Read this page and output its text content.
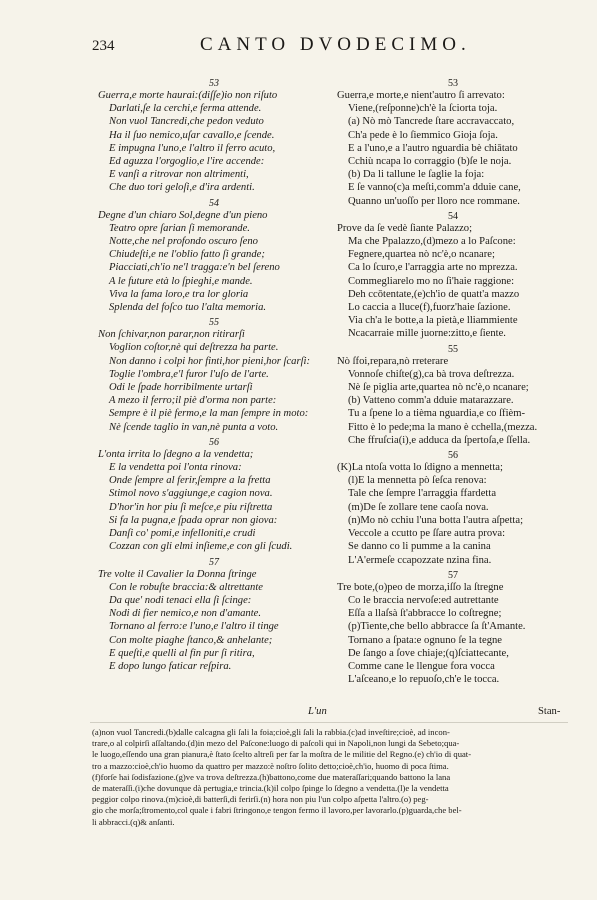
234	CANTO DVODECIMO.
53
Guerra,e morte haurai:(diſſe)io non riſuto
Darlati,ſe la cerchi,e ferma attende.
Non vuol Tancredi,che pedon veduto
Ha il ſuo nemico,uſar cavallo,e ſcende.
E impugna l'uno,e l'altro il ferro acuto,
Ed aguzza l'orgoglio,e l'ire accende:
E vanſi a ritrovar non altrimenti,
Che duo tori geloſi,e d'ira ardenti.
54
Degne d'un chiaro Sol,degne d'un pieno
Teatro opre ſarian ſi memorande.
Notte,che nel profondo oscuro ſeno
Chiudeſti,e ne l'oblio fatto ſi grande;
Piacciati,ch'io ne'l tragga:e'n bel ſereno
A le future età lo ſpieghi,e mande.
Viva la fama loro,e tra lor gloria
Splenda del foſco tuo l'alta memoria.
55
Non ſchivar,non parar,non ritirarſi
Voglion coſtor,nè qui deſtrezza ha parte.
Non danno i colpi hor finti,hor pieni,hor ſcarſi:
Toglie l'ombra,e'l furor l'uſo de l'arte.
Odi le ſpade horribilmente urtarſi
A mezo il ferro;il piè d'orma non parte:
Sempre è il piè fermo,e la man ſempre in moto:
Nè ſcende taglio in van,nè punta a voto.
56
L'onta irrita lo ſdegno a la vendetta;
E la vendetta poi l'onta rinova:
Onde ſempre al ferir,ſempre a la fretta
Stimol novo s'aggiunge,e cagion nova.
D'hor'in hor piu ſi meſce,e piu riſtretta
Si fa la pugna,e ſpada oprar non giova:
Danſi co' pomi,e infelloniti,e crudi
Cozzan con gli elmi inſieme,e con gli ſcudi.
57
Tre volte il Cavalier la Donna ſtringe
Con le robuſte braccia:& altrettante
Da que' nodi tenaci ella ſi ſcinge:
Nodi di fier nemico,e non d'amante.
Tornano al ferro:e l'uno,e l'altro il tinge
Con molte piaghe ſtanco,& anhelante;
E queſti,e quelli al fin pur ſi ritira,
E dopo lungo faticar reſpira.
53
Guerra,e morte,e nient'autro ſi arrevato:
Viene,(reſponne)ch'è la ſciorta toja.
(a) Nò mò Tancrede ſtare accravaccato,
Ch'a pede è lo ſiemmico Gioja ſoja.
E a l'uno,e a l'autro nguardia bè chiātato
Cchiù ncapa lo corraggio (b)ſe le noja.
(b) Da li tallune le ſaglie la foja:
E ſe vanno(c)a meſti,comm'a dduie cane,
Quanno un'uoſſo per lloro nce rommane.
54
Prove da ſe vedè ſiante Palazzo;
Ma che Ppalazzo,(d)mezo a lo Paſcone:
Fegnere,quartea nò nc'è,o ncanare;
Ca lo ſcuro,e l'arraggia arte no mprezza.
Commegliarelo mo no ſi'haie raggione:
Deh ccōtentate,(e)ch'io de quatt'a mazzo
Lo caccia a lluce(f),fuorz'haie ſazione.
Via ch'a le botte,a la pietà,e lliammiente
Ncacarraie mille juorne:zitto,e ſiente.
55
Nò ſfoi,repara,nò rreterare
Vonnoſe chiſte(g),ca bà trova deſtrezza.
Nè ſe piglia arte,quartea nò nc'è,o ncanare;
(b) Vatteno comm'a dduie matarazzare.
Tu a ſpene lo a tièma nguardia,e co ſfièm-
Fitto è lo pede;ma la mano è cchella,(mezza.
Che ffruſcia(i),e adduca da ſpertoſa,e ſſella.
56
(K)La ntoſa votta lo ſdigno a mennetta;
(l)E la mennetta pò ſeſca renova:
Tale che ſempre l'arraggia ffardetta
(m)De ſe zollare tene caoſa nova.
(n)Mo nò cchiu l'una botta l'autra aſpetta;
Veccole a ccutto pe ſſare autra prova:
Se danno co li pumme a la canina
L'A'ermeſe ccapozzate nzina fina.
57
Tre bote,(o)peo de morza,iſſo la ſtregne
Co le braccia nervoſe:ed autrettante
Eſſa a llaſsà ſt'abbracce lo coſtregne;
(p)Tiente,che bello abbracce ſa ſt'Amante.
Tornano a ſpata:e ognuno ſe la tegne
De ſango a ſove chiaje;(q)ſciattecante,
Comme cane le llengue fora vocca
L'aſceano,e lo repuoſo,ch'e le tocca.
L'un	Stan-
(a)non vuol Tancredi.(b)dalle calcagna gli ſali la foia;cioè,gli ſali la rabbia.(c)ad inveſtire;cioè, ad incon-
trare,o al colpirſi aſſaltando.(d)in mezo del Paſcone:luogo di paſcoli qui in Napoli,non lungi da Sebeto;qua-
le luogo,eſſendo una gran pianura,è ſtato ſcelto altreſi per far la moſtra de le militie del Regno.(e) ch'io di quat-
tro a mazzo:cioè,ch'io huomo da quattro per mazzo:è noſtro ſolito detto;cioè,ch'io, huomo di poca ſtima.
(f)forſe hai ſodisfazione.(g)ve va trova deſtrezza.(h)battono,come due materaſſari;quando battono la lana
de materaſſi.(i)che dovunque dà pertugia,e trincia.(k)il colpo ſpinge lo ſdegno a vendetta.(l)e la vendetta
peggior colpo rinova.(m)cioè,di batterſi,di ferirſi.(n) hora non piu l'un colpo aſpetta l'altro.(o) peg-
gio che morſa;ſtromento,col quale i fabri ſtringono,e tengon fermo il lavoro,per lavorarlo.(p)guarda,che bel-
li abbracci.(q)& anſanti.
